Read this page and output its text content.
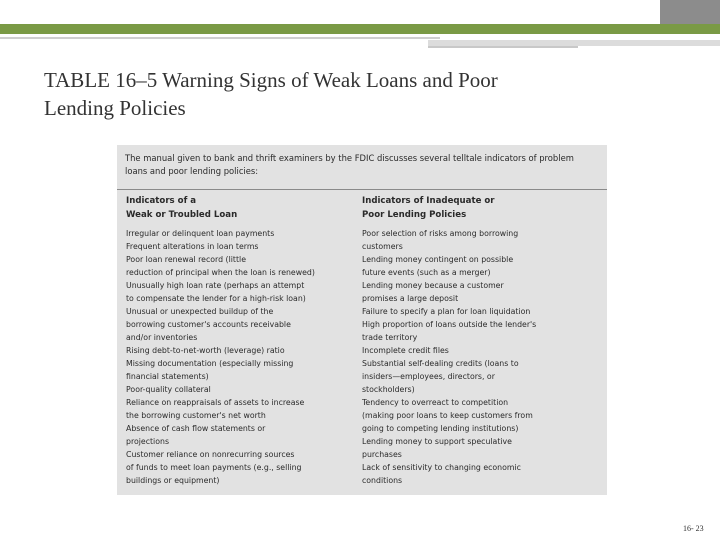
TABLE 16–5 Warning Signs of Weak Loans and Poor
Lending Policies
The manual given to bank and thrift examiners by the FDIC discusses several telltale indicators of problem
loans and poor lending policies:
Indicators of a
Weak or Troubled Loan
Irregular or delinquent loan payments
Frequent alterations in loan terms
Poor loan renewal record (little
reduction of principal when the loan is renewed)
Unusually high loan rate (perhaps an attempt
to compensate the lender for a high-risk loan)
Unusual or unexpected buildup of the
borrowing customer's accounts receivable
and/or inventories
Rising debt-to-net-worth (leverage) ratio
Missing documentation (especially missing
financial statements)
Poor-quality collateral
Reliance on reappraisals of assets to increase
the borrowing customer's net worth
Absence of cash flow statements or
projections
Customer reliance on nonrecurring sources
of funds to meet loan payments (e.g., selling
buildings or equipment)
Indicators of Inadequate or
Poor Lending Policies
Poor selection of risks among borrowing
customers
Lending money contingent on possible
future events (such as a merger)
Lending money because a customer
promises a large deposit
Failure to specify a plan for loan liquidation
High proportion of loans outside the lender's
trade territory
Incomplete credit files
Substantial self-dealing credits (loans to
insiders—employees, directors, or
stockholders)
Tendency to overreact to competition
(making poor loans to keep customers from
going to competing lending institutions)
Lending money to support speculative
purchases
Lack of sensitivity to changing economic
conditions
16- 23
